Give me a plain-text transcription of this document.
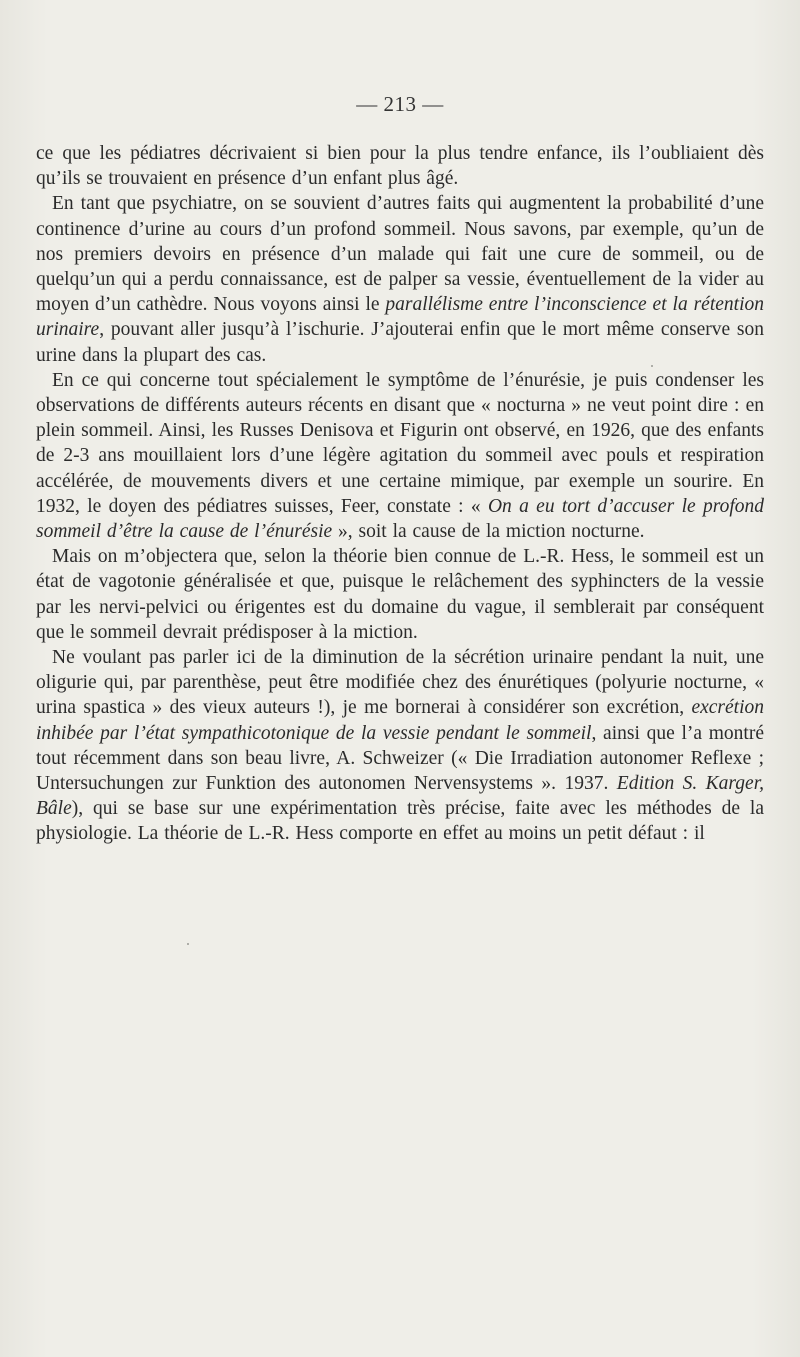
— 213 —

ce que les pédiatres décrivaient si bien pour la plus tendre enfance, ils l’oubliaient dès qu’ils se trouvaient en présence d’un enfant plus âgé.

En tant que psychiatre, on se souvient d’autres faits qui augmentent la probabilité d’une continence d’urine au cours d’un profond sommeil. Nous savons, par exemple, qu’un de nos premiers devoirs en présence d’un malade qui fait une cure de sommeil, ou de quelqu’un qui a perdu connaissance, est de palper sa vessie, éventuellement de la vider au moyen d’un cathèdre. Nous voyons ainsi le parallélisme entre l’inconscience et la rétention urinaire, pouvant aller jusqu’à l’ischurie. J’ajouterai enfin que le mort même conserve son urine dans la plupart des cas.

En ce qui concerne tout spécialement le symptôme de l’énurésie, je puis condenser les observations de différents auteurs récents en disant que « nocturna » ne veut point dire : en plein sommeil. Ainsi, les Russes Denisova et Figurin ont observé, en 1926, que des enfants de 2-3 ans mouillaient lors d’une légère agitation du sommeil avec pouls et respiration accélérée, de mouvements divers et une certaine mimique, par exemple un sourire. En 1932, le doyen des pédiatres suisses, Feer, constate : « On a eu tort d’accuser le profond sommeil d’être la cause de l’énurésie », soit la cause de la miction nocturne.

Mais on m’objectera que, selon la théorie bien connue de L.-R. Hess, le sommeil est un état de vagotonie généralisée et que, puisque le relâchement des syphincters de la vessie par les nervi-pelvici ou érigentes est du domaine du vague, il semblerait par conséquent que le sommeil devrait prédisposer à la miction.

Ne voulant pas parler ici de la diminution de la sécrétion urinaire pendant la nuit, une oligurie qui, par parenthèse, peut être modifiée chez des énurétiques (polyurie nocturne, « urina spastica » des vieux auteurs !), je me bornerai à considérer son excrétion, excrétion inhibée par l’état sympathicotonique de la vessie pendant le sommeil, ainsi que l’a montré tout récemment dans son beau livre, A. Schweizer (« Die Irradiation autonomer Reflexe ; Untersuchungen zur Funktion des autonomen Nervensystems ». 1937. Edition S. Karger, Bâle), qui se base sur une expérimentation très précise, faite avec les méthodes de la physiologie. La théorie de L.-R. Hess comporte en effet au moins un petit défaut : il
